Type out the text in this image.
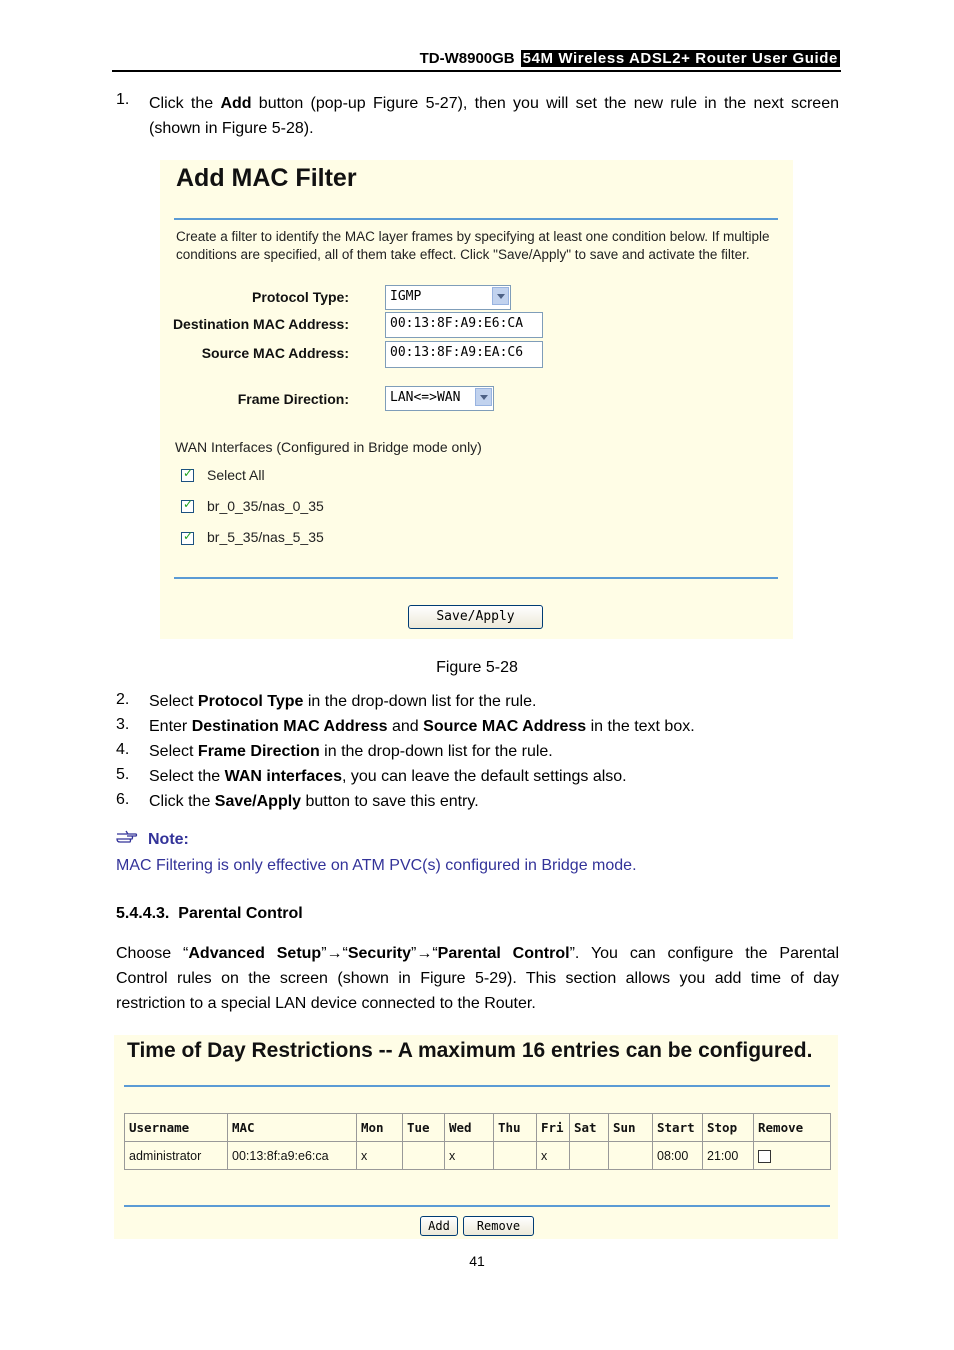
TD-W8900GB 54M Wireless ADSL2+ Router User Guide
1. Click the Add button (pop-up Figure 5-27), then you will set the new rule in the next screen
(shown in Figure 5-28).
Add MAC Filter
Create a filter to identify the MAC layer frames by specifying at least one condition below. If multiple conditions are specified, all of them take effect. Click "Save/Apply" to save and activate the filter.
Protocol Type:	IGMP
Destination MAC Address:	00:13:8F:A9:E6:CA
Source MAC Address:	00:13:8F:A9:EA:C6
Frame Direction:	LAN<=>WAN
WAN Interfaces (Configured in Bridge mode only)
✓
Select All
✓
br_0_35/nas_0_35
✓
br_5_35/nas_5_35
Save/Apply
Figure 5-28
2. Select Protocol Type in the drop-down list for the rule.
3. Enter Destination MAC Address and Source MAC Address in the text box.
4. Select Frame Direction in the drop-down list for the rule.
5. Select the WAN interfaces, you can leave the default settings also.
6. Click the Save/Apply button to save this entry.
Note:
MAC Filtering is only effective on ATM PVC(s) configured in Bridge mode.
5.4.4.3. Parental Control
Choose “Advanced Setup”→“Security”→“Parental Control”. You can configure the Parental
Control rules on the screen (shown in Figure 5-29). This section allows you add time of day
restriction to a special LAN device connected to the Router.
Time of Day Restrictions -- A maximum 16 entries can be configured.
Username	MAC	Mon	Tue	Wed	Thu	Fri	Sat	Sun	Start	Stop	Remove
administrator	00:13:8f:a9:e6:ca	x		x		x			08:00	21:00	
Add	Remove
41
